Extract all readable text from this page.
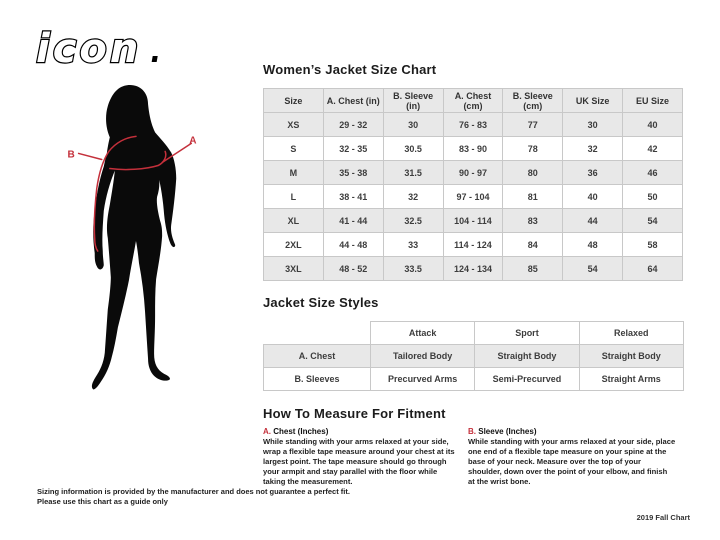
icon
A
B
Women’s Jacket Size Chart
Size	A. Chest (in)	B. Sleeve (in)	A. Chest (cm)	B. Sleeve (cm)	UK Size	EU Size
XS	29 - 32	30	76 - 83	77	30	40
S	32 - 35	30.5	83 - 90	78	32	42
M	35 - 38	31.5	90 - 97	80	36	46
L	38 - 41	32	97 - 104	81	40	50
XL	41 - 44	32.5	104 - 114	83	44	54
2XL	44 - 48	33	114 - 124	84	48	58
3XL	48 - 52	33.5	124 - 134	85	54	64
Jacket Size Styles
	Attack	Sport	Relaxed
A. Chest	Tailored Body	Straight Body	Straight Body
B. Sleeves	Precurved Arms	Semi-Precurved	Straight Arms
How To Measure For Fitment
A. Chest (Inches)
While standing with your arms relaxed at your side, wrap a flexible tape measure around your chest at its largest point. The tape measure should go through your armpit and stay parallel with the floor while taking the measurement.
B. Sleeve (Inches)
While standing with your arms relaxed at your side, place one end of a flexible tape measure on your spine at the base of your neck. Measure over the top of your shoulder, down over the point of your elbow, and finish at the wrist bone.
Sizing information is provided by the manufacturer and does not guarantee a perfect fit.
Please use this chart as a guide only
2019 Fall Chart
